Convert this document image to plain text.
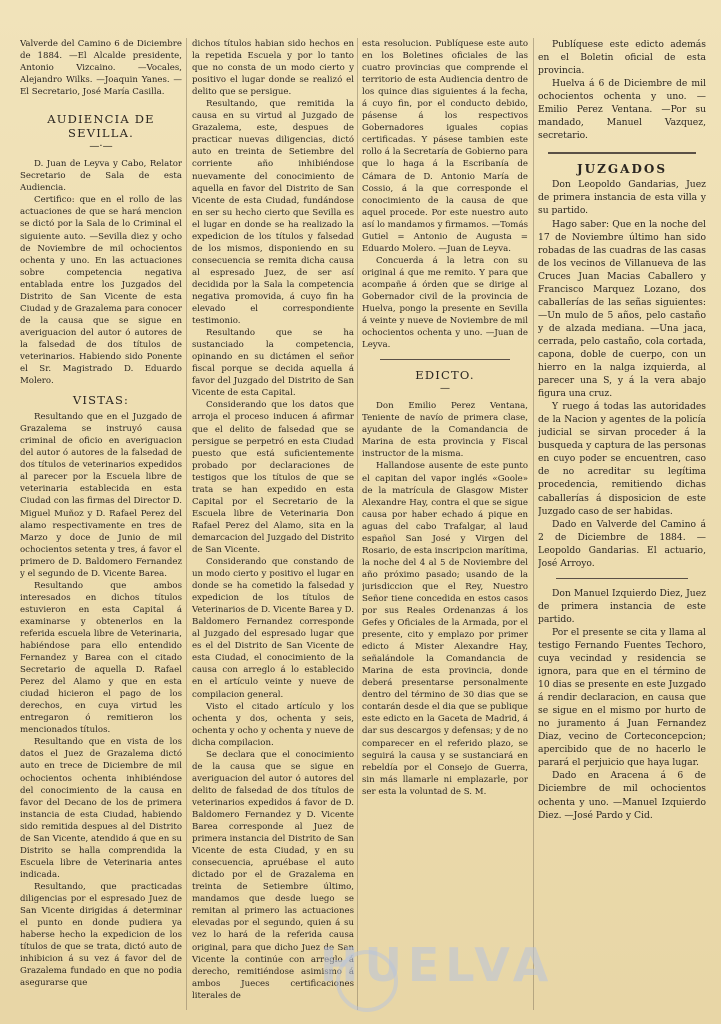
Valverde del Camino 6 de Diciembre de 1884. —El Alcalde presidente, Antonio Vizcaino. —Vocales, Alejandro Wilks. —Joaquin Yanes. —El Secretario, José María Casilla.

AUDIENCIA DE SEVILLA.
—·—

D. Juan de Leyva y Cabo, Relator Secretario de Sala de esta Audiencia.

Certifico: que en el rollo de las actuaciones de que se hará mencion se dictó por la Sala de lo Criminal el siguiente auto. —Sevilla diez y ocho de Noviembre de mil ochocientos ochenta y uno. En las actuaciones sobre competencia negativa entablada entre los Juzgados del Distrito de San Vicente de esta Ciudad y de Grazalema para conocer de la causa que se sigue en averiguacion del autor ó autores de la falsedad de dos títulos de veterinarios. Habiendo sido Ponente el Sr. Magistrado D. Eduardo Molero.

VISTAS:

Resultando que en el Juzgado de Grazalema se instruyó causa criminal de oficio en averiguacion del autor ó autores de la falsedad de dos títulos de veterinarios expedidos al parecer por la Escuela libre de veterinaria establecida en esta Ciudad con las firmas del Director D. Miguel Muñoz y D. Rafael Perez del alamo respectivamente en tres de Marzo y doce de Junio de mil ochocientos setenta y tres, á favor el primero de D. Baldomero Fernandez y el segundo de D. Vicente Barea.

Resultando que ambos interesados en dichos títulos estuvieron en esta Capital á examinarse y obtenerlos en la referida escuela libre de Veterinaria, habiéndose para ello entendido Fernandez y Barea con el citado Secretario de aquella D. Rafael Perez del Alamo y que en esta ciudad hicieron el pago de los derechos, en cuya virtud les entregaron ó remitieron los mencionados títulos.

Resultando que en vista de los datos el Juez de Grazalema dictó auto en trece de Diciembre de mil ochocientos ochenta inhibiéndose del conocimiento de la causa en favor del Decano de los de primera instancia de esta Ciudad, habiendo sido remitida despues al del Distrito de San Vicente, atendido á que en su Distrito se halla comprendida la Escuela libre de Veterinaria antes indicada.

Resultando, que practicadas diligencias por el espresado Juez de San Vicente dirigidas á determinar el punto en donde pudiera ya haberse hecho la expedicion de los títulos de que se trata, dictó auto de inhibicion á su vez á favor del de Grazalema fundado en que no podia asegurarse que

dichos títulos habian sido hechos en la repetida Escuela y por lo tanto que no consta de un modo cierto y positivo el lugar donde se realizó el delito que se persigue.

Resultando, que remitida la causa en su virtud al Juzgado de Grazalema, este, despues de practicar nuevas diligencias, dictó auto en treinta de Setiembre del corriente año inhibiéndose nuevamente del conocimiento de aquella en favor del Distrito de San Vicente de esta Ciudad, fundándose en ser su hecho cierto que Sevilla es el lugar en donde se ha realizado la expedicion de los títulos y falsedad de los mismos, disponiendo en su consecuencia se remita dicha causa al espresado Juez, de ser así decidida por la Sala la competencia negativa promovida, á cuyo fin ha elevado el correspondiente testimonio.

Resultando que se ha sustanciado la competencia, opinando en su dictámen el señor fiscal porque se decida aquella á favor del Juzgado del Distrito de San Vicente de esta Capital.

Considerando que los datos que arroja el proceso inducen á afirmar que el delito de falsedad que se persigue se perpetró en esta Ciudad puesto que está suficientemente probado por declaraciones de testigos que los títulos de que se trata se han expedido en esta Capital por el Secretario de la Escuela libre de Veterinaria Don Rafael Perez del Alamo, sita en la demarcacion del Juzgado del Distrito de San Vicente.

Considerando que constando de un modo cierto y positivo el lugar en donde se ha cometido la falsedad y expedicion de los títulos de Veterinarios de D. Vicente Barea y D. Baldomero Fernandez corresponde al Juzgado del espresado lugar que es el del Distrito de San Vicente de esta Ciudad, el conocimiento de la causa con arreglo á lo establecido en el artículo veinte y nueve de compilacion general.

Visto el citado artículo y los ochenta y dos, ochenta y seis, ochenta y ocho y ochenta y nueve de dicha compilacion.

Se declara que el conocimiento de la causa que se sigue en averiguacion del autor ó autores del delito de falsedad de dos títulos de veterinarios expedidos á favor de D. Baldomero Fernandez y D. Vicente Barea corresponde al Juez de primera instancia del Distrito de San Vicente de esta Ciudad, y en su consecuencia, apruébase el auto dictado por el de Grazalema en treinta de Setiembre último, mandamos que desde luego se remitan al primero las actuaciones elevadas por el segundo, quien á su vez lo hará de la referida causa original, para que dicho Juez de San Vicente la continúe con arreglo á derecho, remitiéndose asimismo á ambos Jueces certificaciones literales de

esta resolucion. Publíquese este auto en los Boletines oficiales de las cuatro provincias que comprende el territorio de esta Audiencia dentro de los quince dias siguientes á la fecha, á cuyo fin, por el conducto debido, pásense á los respectivos Gobernadores iguales copias certificadas. Y pásese tambien este rollo á la Secretaría de Gobierno para que lo haga á la Escribanía de Cámara de D. Antonio María de Cossio, á la que corresponde el conocimiento de la causa de que aquel procede. Por este nuestro auto así lo mandamos y firmamos. —Tomás Gutiel = Antonio de Augusta = Eduardo Molero. —Juan de Leyva.

Concuerda á la letra con su original á que me remito. Y para que acompañe á órden que se dirige al Gobernador civil de la provincia de Huelva, pongo la presente en Sevilla á veinte y nueve de Noviembre de mil ochocientos ochenta y uno. —Juan de Leyva.

EDICTO.
—

Don Emilio Perez Ventana, Teniente de navío de primera clase, ayudante de la Comandancia de Marina de esta provincia y Fiscal instructor de la misma.

Hallandose ausente de este punto el capitan del vapor inglés «Goole» de la matrícula de Glasgow Mister Alexandre Hay, contra el que se sigue causa por haber echado á pique en aguas del cabo Trafalgar, al laud español San José y Virgen del Rosario, de esta inscripcion marítima, la noche del 4 al 5 de Noviembre del año próximo pasado; usando de la jurisdiccion que el Rey, Nuestro Señor tiene concedida en estos casos por sus Reales Ordenanzas á los Gefes y Oficiales de la Armada, por el presente, cito y emplazo por primer edicto á Mister Alexandre Hay, señalándole la Comandancia de Marina de esta provincia, donde deberá presentarse personalmente dentro del término de 30 dias que se contarán desde el dia que se publique este edicto en la Gaceta de Madrid, á dar sus descargos y defensas; y de no comparecer en el referido plazo, se seguirá la causa y se sustanciará en rebeldía por el Consejo de Guerra, sin más llamarle ni emplazarle, por ser esta la voluntad de S. M.

Publíquese este edicto además en el Boletin oficial de esta provincia.

Huelva á 6 de Diciembre de mil ochocientos ochenta y uno. —Emilio Perez Ventana. —Por su mandado, Manuel Vazquez, secretario.

JUZGADOS

Don Leopoldo Gandarias, Juez de primera instancia de esta villa y su partido.

Hago saber: Que en la noche del 17 de Noviembre último han sido robadas de las cuadras de las casas de los vecinos de Villanueva de las Cruces Juan Macias Caballero y Francisco Marquez Lozano, dos caballerías de las señas siguientes: —Un mulo de 5 años, pelo castaño y de alzada mediana. —Una jaca, cerrada, pelo castaño, cola cortada, capona, doble de cuerpo, con un hierro en la nalga izquierda, al parecer una S, y á la vera abajo figura una cruz.

Y ruego á todas las autoridades de la Nacion y agentes de la policía judicial se sirvan proceder á la busqueda y captura de las personas en cuyo poder se encuentren, caso de no acreditar su legítima procedencia, remitiendo dichas caballerías á disposicion de este Juzgado caso de ser habidas.

Dado en Valverde del Camino á 2 de Diciembre de 1884. —Leopoldo Gandarias. El actuario, José Arroyo.

Don Manuel Izquierdo Diez, Juez de primera instancia de este partido.

Por el presente se cita y llama al testigo Fernando Fuentes Techoro, cuya vecindad y residencia se ignora, para que en el término de 10 dias se presente en este Juzgado á rendir declaracion, en causa que se sigue en el mismo por hurto de no juramento á Juan Fernandez Diaz, vecino de Corteconcepcion; apercibido que de no hacerlo le parará el perjuicio que haya lugar.

Dado en Aracena á 6 de Diciembre de mil ochocientos ochenta y uno. —Manuel Izquierdo Diez. —José Pardo y Cid.

HUELVA
